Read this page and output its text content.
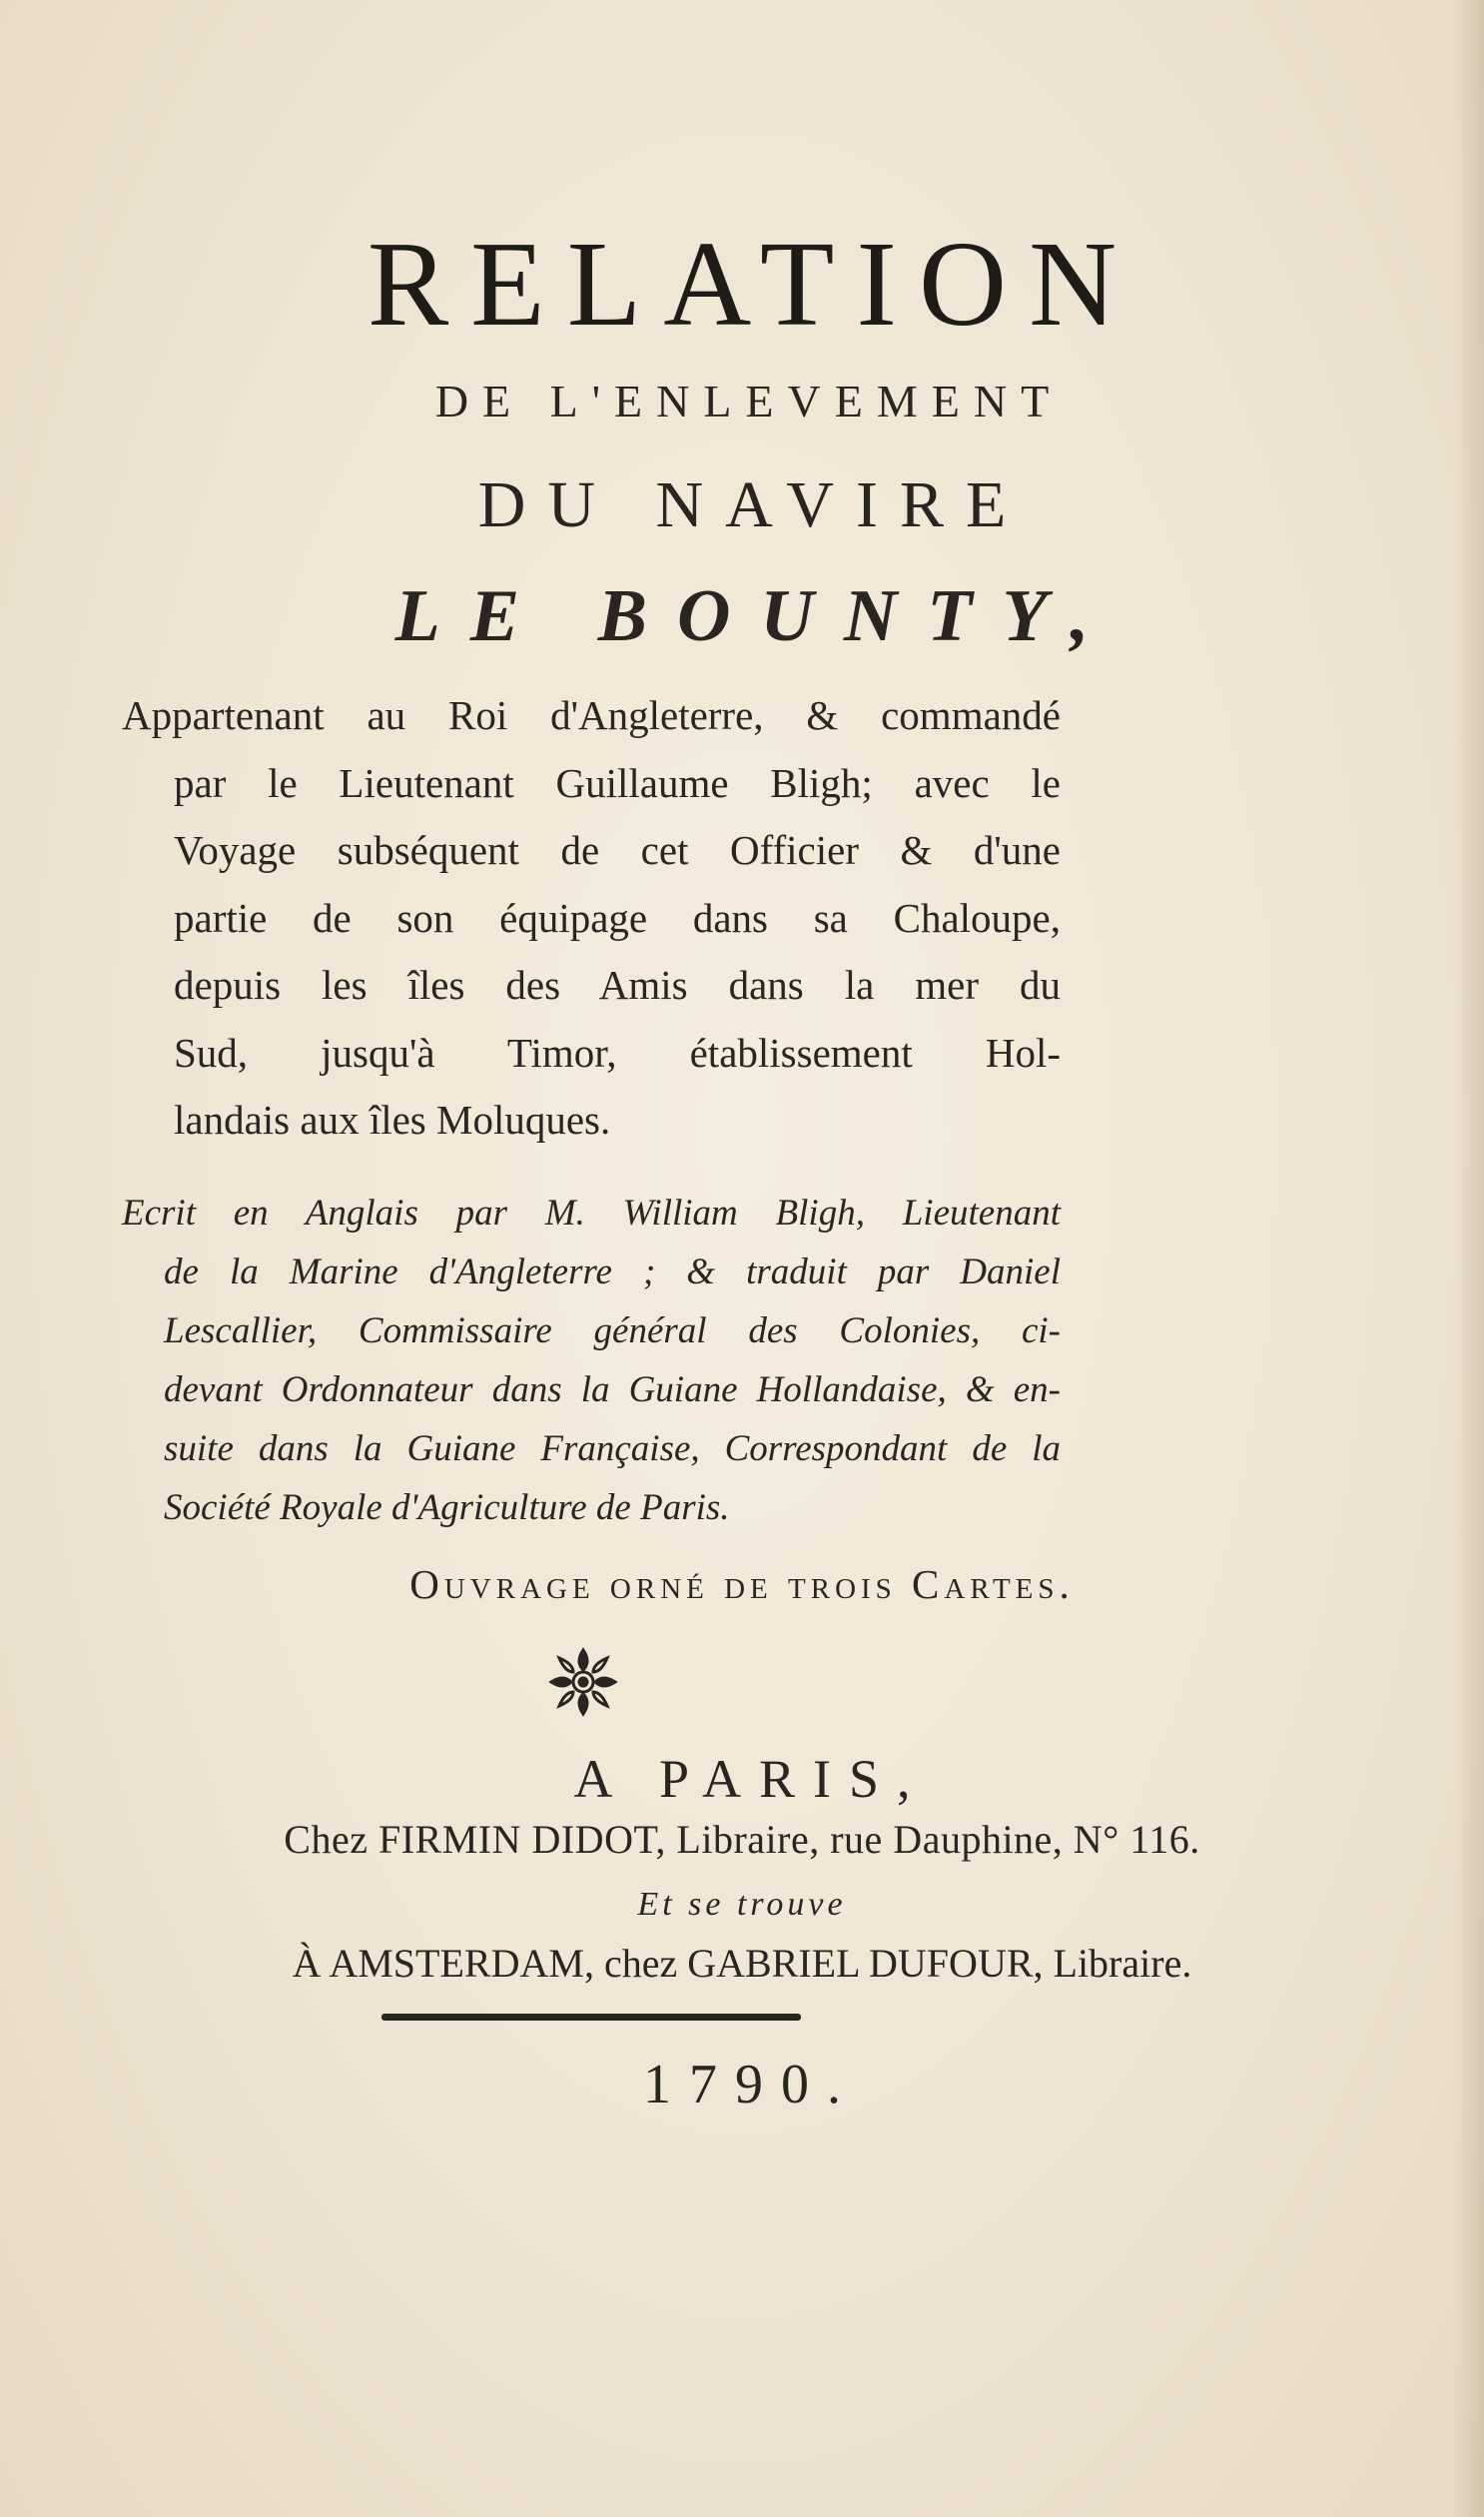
RELATION
DE L'ENLEVEMENT
DU NAVIRE
LE BOUNTY,
Appartenant au Roi d'Angleterre, & commandé
par le Lieutenant Guillaume Bligh; avec le
Voyage subséquent de cet Officier & d'une
partie de son équipage dans sa Chaloupe,
depuis les îles des Amis dans la mer du
Sud, jusqu'à Timor, établissement Hol-
landais aux îles Moluques.
Ecrit en Anglais par M. William Bligh, Lieutenant
de la Marine d'Angleterre ; & traduit par Daniel
Lescallier, Commissaire général des Colonies, ci-
devant Ordonnateur dans la Guiane Hollandaise, & en-
suite dans la Guiane Française, Correspondant de la
Société Royale d'Agriculture de Paris.
Ouvrage orné de trois Cartes.
A PARIS,
Chez FIRMIN DIDOT, Libraire, rue Dauphine, N° 116.
Et se trouve
À AMSTERDAM, chez GABRIEL DUFOUR, Libraire.
1790.
